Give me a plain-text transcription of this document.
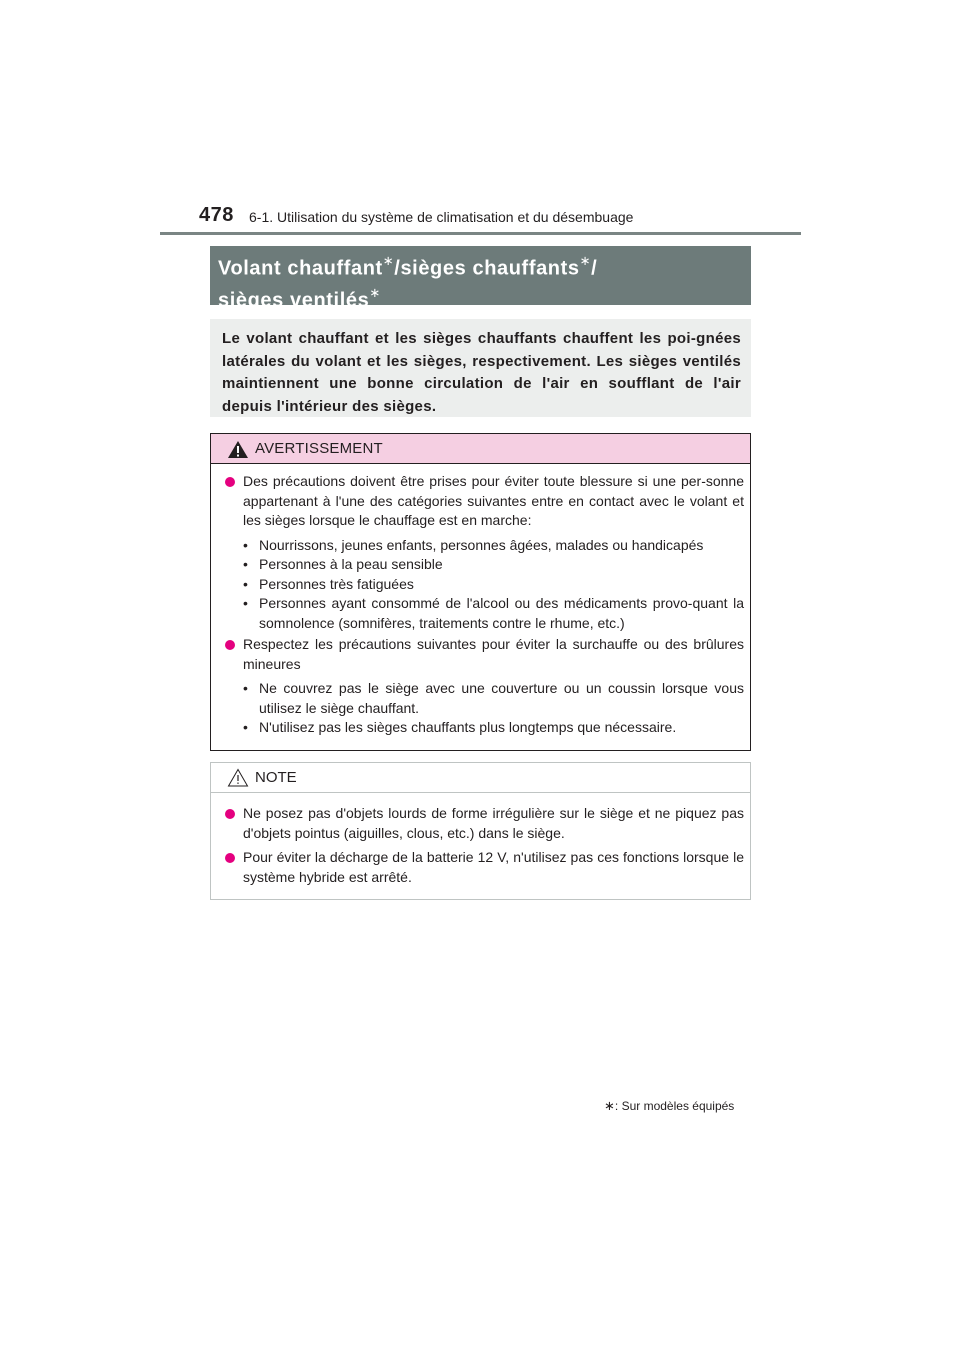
478 6-1. Utilisation du système de climatisation et du désembuage
Volant chauffant∗/sièges chauffants∗/
sièges ventilés∗
Le volant chauffant et les sièges chauffants chauffent les poi-gnées latérales du volant et les sièges, respectivement. Les sièges ventilés maintiennent une bonne circulation de l'air en soufflant de l'air depuis l'intérieur des sièges.
AVERTISSEMENT
Des précautions doivent être prises pour éviter toute blessure si une per-sonne appartenant à l'une des catégories suivantes entre en contact avec le volant et les sièges lorsque le chauffage est en marche:
• Nourrissons, jeunes enfants, personnes âgées, malades ou handicapés
• Personnes à la peau sensible
• Personnes très fatiguées
• Personnes ayant consommé de l'alcool ou des médicaments provo-quant la somnolence (somnifères, traitements contre le rhume, etc.)
Respectez les précautions suivantes pour éviter la surchauffe ou des brûlures mineures
• Ne couvrez pas le siège avec une couverture ou un coussin lorsque vous utilisez le siège chauffant.
• N'utilisez pas les sièges chauffants plus longtemps que nécessaire.
NOTE
Ne posez pas d'objets lourds de forme irrégulière sur le siège et ne piquez pas d'objets pointus (aiguilles, clous, etc.) dans le siège.
Pour éviter la décharge de la batterie 12 V, n'utilisez pas ces fonctions lorsque le système hybride est arrêté.
∗: Sur modèles équipés
